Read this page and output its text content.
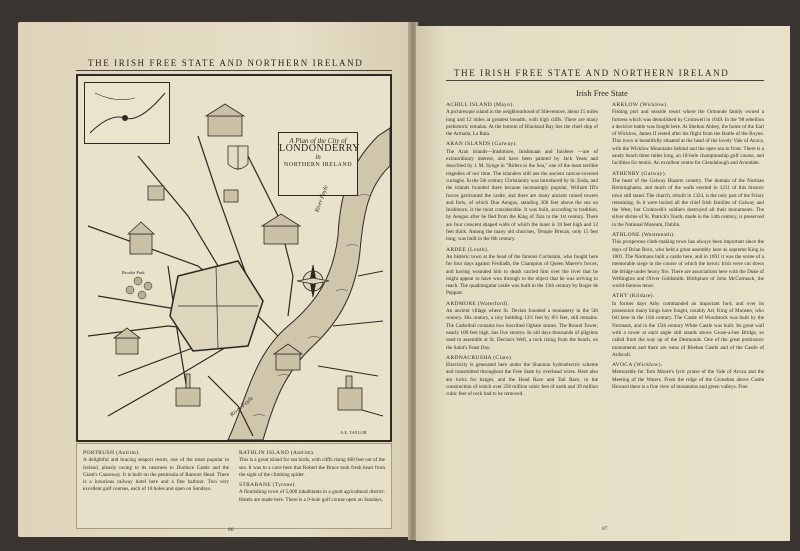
THE IRISH FREE STATE AND NORTHERN IRELAND
A Plan of the City of
LONDONDERRY
in
NORTHERN IRELAND
River Foyle
River Foyle
Brooke Park
A.E. TAYLOR
PORTRUSH (Antrim).
A delightful and bracing seaport resort, one of the most popular in Ireland, pleasly owing to its nearness to Dunluce Castle and the Giant's Causeway. It is built on the peninsula of Ramore Head. There is a luxurious railway hotel here and a fine harbour. Two very excellent golf courses, each of 18 holes and open on Sundays.
RATHLIN ISLAND (Antrim).
This is a great island for sea birds, with cliffs rising 400 feet out of the sea. It was to a cave here that Robert the Bruce took fresh heart from the sight of the climbing spider.
STRABANE (Tyrone).
A flourishing town of 5,000 inhabitants in a good agricultural district. Hotels are made here. There is a 9-hole golf course open on Sundays.
86
THE IRISH FREE STATE AND NORTHERN IRELAND
Irish Free State
ACHILL ISLAND (Mayo).
A picturesque island in the neighbourhood of Slievemore, about 15 miles long and 12 miles at greatest breadth, with high cliffs. There are many prehistoric remains. At the bottom of Blacksod Bay lies the chief ship of the Armada, La Rata.
ARAN ISLANDS (Galway).
The Aran islands—Inishmore, Inishmaan and Inisheer —are of extraordinary interest, and have been painted by Jack Yeats and described by J. M. Synge in "Riders to the Sea," one of the most terrible tragedies of our time. The islanders still use the ancient canvas-covered curraghs. In the 5th century Christianity was introduced by St. Enda, and the islands founded there became increasingly popular. William III's forces garrisoned the castle, and there are many ancient ruined towers and forts, of which Dun Aengus, standing 300 feet above the sea on Inishmore, is the most considerable. It was built, according to tradition, by Aengus after he fled from the King of Tara to the 1st century. There are four crescent shaped walls of which the inner is 18 feet high and 12 feet thick. Among the many old churches, Temple Brecan, only 15 feet long, was built in the 6th century.
ARDEE (Louth).
An historic town at the head of the famous Cuchulain, who fought here for four days against Ferdiadh, the Champion of Queen Maeve's forces, and having wounded him to death carried him over the river that he might appear to have won through to the object that he was striving to reach. The quadrangular castle was built in the 13th century by Roger de Peppart.
ARDMORE (Waterford).
An ancient village where St. Declan founded a monastery in the 5th century. His oratory, a tiny building 13½ feet by 8½ feet, still remains. The Cathedral contains two inscribed Ogham stones. The Round Tower, nearly 100 feet high, has five storeys. In old days thousands of pilgrims used to assemble at St. Declan's Well, a rock rising from the beach, on the Saint's Feast Day.
ARDNACRUSHA (Clare).
Electricity is generated here under the Shannon hydroelectric scheme and transmitted throughout the Free State by overhead wires. Here also are locks for barges, and the Head Race and Tail Race, in the construction of which over 250 million cubic feet of earth and 39 million cubic feet of rock had to be removed.
ARKLOW (Wicklow).
Fishing port and seaside resort where the Ormonde family owned a fortress which was demolished by Cromwell in 1649. In the '98 rebellion a decisive battle was fought here. At Shelton Abbey, the home of the Earl of Wicklow, James II rested after his flight from the Battle of the Boyne. This town is beautifully situated at the head of the lovely Vale of Avoca, with the Wicklow Mountains behind and the open sea in front. There is a sandy beach three miles long, an 18-hole championship golf course, and facilities for tennis. An excellent centre for Glendalough and Avondale.
ATHENRY (Galway).
The heart of the Galway Blazers country. The domain of the Norman Berminghams, and much of the walls erected in 1211 of this historic town still stand. The church, rebuilt in 1324, is the only part of the Friary remaining. In it were buried all the chief Irish families of Galway and the West, but Cromwell's soldiers destroyed all their monuments. The silver shrine of St. Patrick's Tooth, made in the 14th century, is preserved in the National Museum, Dublin.
ATHLONE (Westmeath).
This prosperous cloth-making town has always been important since the days of Brian Boru, who held a great assembly here as supreme King in 1001. The Normans built a castle here, and in 1691 it was the scene of a memorable siege in the course of which the heroic Irish were cut down the bridge under heavy fire. There are associations here with the Duke of Wellington and Oliver Goldsmith. Birthplace of John McCormack, the world-famous tenor.
ATHY (Kildare).
In former days Athy commanded an important ford, and over its possession many kings have fought, notably Art, King of Munster, who fell here in the 11th century. The Castle of Woodstock was built by the Normans, and in the 15th century White Castle was built. Its great wall with a tower at each angle still stands above Grose-a-bee Bridge, so called from the way up of the Desmonds. One of the great prehistoric monuments and there are ruins of Rheban Castle and of the Castle of Ardscull.
AVOCA (Wicklow).
Memorable for Tom Moore's lyric praise of the Vale of Avoca and the Meeting of the Waters. From the ridge of the Croneban above Castle Howard there is a fine view of mountains and green valleys. Fine.
87
